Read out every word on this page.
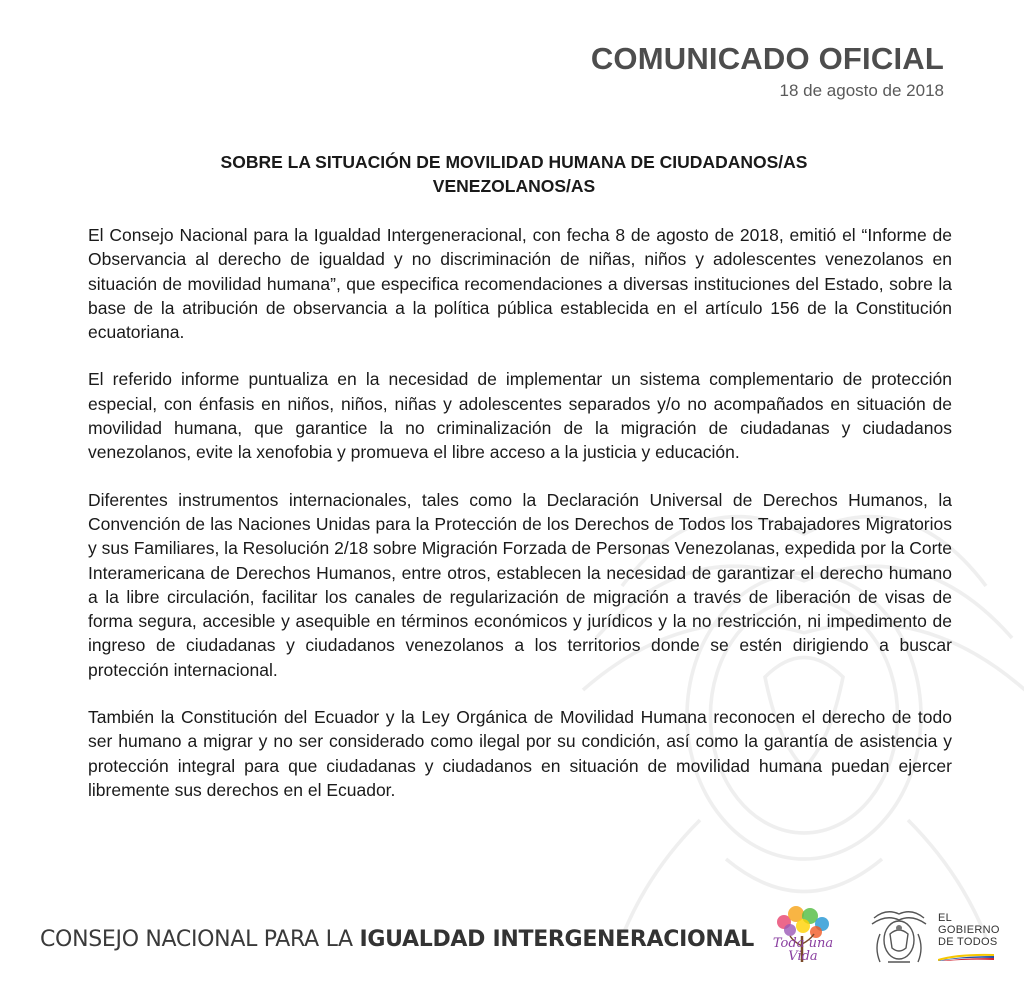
COMUNICADO OFICIAL
18 de agosto de 2018
SOBRE LA SITUACIÓN DE MOVILIDAD HUMANA DE CIUDADANOS/AS
VENEZOLANOS/AS

El Consejo Nacional para la Igualdad Intergeneracional, con fecha 8 de agosto de 2018, emitió el “Informe de Observancia al derecho de igualdad y no discriminación de niñas, niños y adolescentes venezolanos en situación de movilidad humana”, que especifica recomendaciones a diversas instituciones del Estado, sobre la base de la atribución de observancia a la política pública establecida en el artículo 156 de la Constitución ecuatoriana.

El referido informe puntualiza en la necesidad de implementar un sistema complementario de protección especial, con énfasis en niños, niños, niñas y adolescentes separados y/o no acompañados en situación de movilidad humana, que garantice la no criminalización de la migración de ciudadanas y ciudadanos venezolanos, evite la xenofobia y promueva el libre acceso a la justicia y educación.

Diferentes instrumentos internacionales, tales como la Declaración Universal de Derechos Humanos, la Convención de las Naciones Unidas para la Protección de los Derechos de Todos los Trabajadores Migratorios y sus Familiares, la Resolución 2/18 sobre Migración Forzada de Personas Venezolanas, expedida por la Corte Interamericana de Derechos Humanos, entre otros, establecen la necesidad de garantizar el derecho humano a la libre circulación, facilitar los canales de regularización de migración a través de liberación de visas de forma segura, accesible y asequible en términos económicos y jurídicos y la no restricción, ni impedimento de ingreso de ciudadanas y ciudadanos venezolanos a los territorios donde se estén dirigiendo a buscar protección internacional.

También la Constitución del Ecuador y la Ley Orgánica de Movilidad Humana reconocen el derecho de todo ser humano a migrar y no ser considerado como ilegal por su condición, así como la garantía de asistencia y protección integral para que ciudadanas y ciudadanos en situación de movilidad humana puedan ejercer libremente sus derechos en el Ecuador.

CONSEJO NACIONAL PARA LA IGUALDAD INTERGENERACIONAL	Toda una Vida
EL
GOBIERNO
DE TODOS
